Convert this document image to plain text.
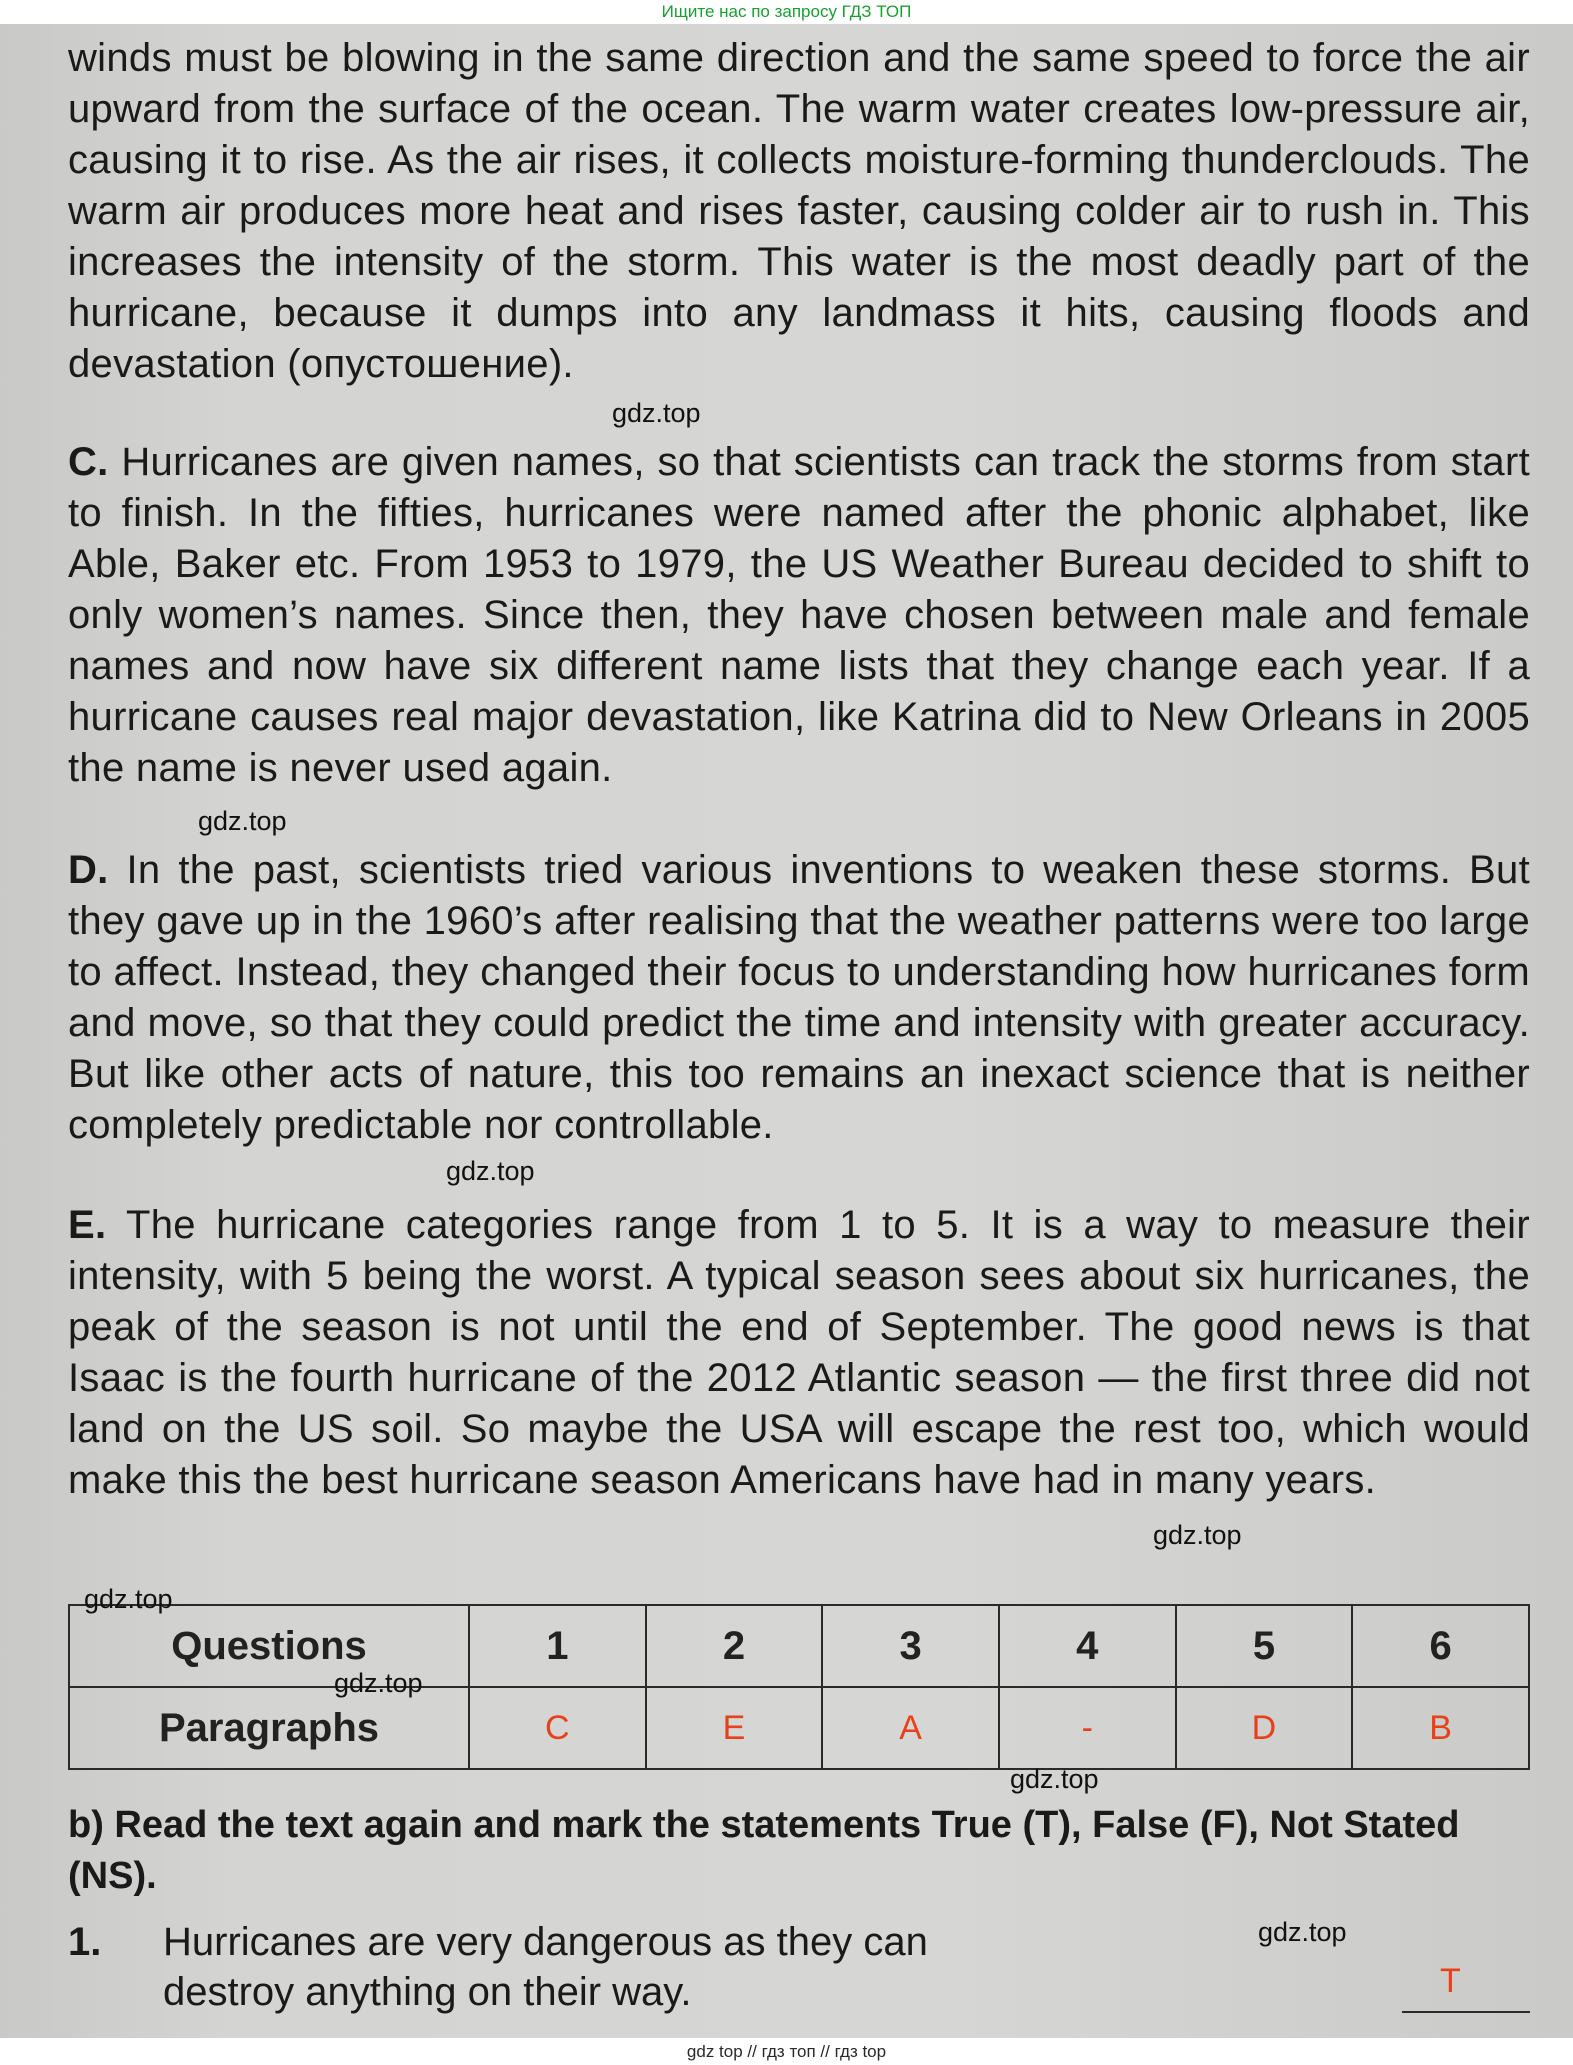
Ищите нас по запросу ГДЗ ТОП
winds must be blowing in the same direction and the same speed to force the air upward from the surface of the ocean. The warm water creates low-pressure air, causing it to rise. As the air rises, it collects moisture-forming thunderclouds. The warm air produces more heat and rises faster, causing colder air to rush in. This increases the intensity of the storm. This water is the most deadly part of the hurricane, because it dumps into any landmass it hits, causing floods and devastation (опустошение).
C. Hurricanes are given names, so that scientists can track the storms from start to finish. In the fifties, hurricanes were named after the phonic alphabet, like Able, Baker etc. From 1953 to 1979, the US Weather Bureau decided to shift to only women’s names. Since then, they have chosen between male and female names and now have six different name lists that they change each year. If a hurricane causes real major devastation, like Katrina did to New Orleans in 2005 the name is never used again.
D. In the past, scientists tried various inventions to weaken these storms. But they gave up in the 1960’s after realising that the weather patterns were too large to affect. Instead, they changed their focus to understanding how hurricanes form and move, so that they could predict the time and intensity with greater accuracy. But like other acts of nature, this too remains an inexact science that is neither completely predictable nor controllable.
E. The hurricane categories range from 1 to 5. It is a way to measure their intensity, with 5 being the worst. A typical season sees about six hurricanes, the peak of the season is not until the end of September. The good news is that Isaac is the fourth hurricane of the 2012 Atlantic season — the first three did not land on the US soil. So maybe the USA will escape the rest too, which would make this the best hurricane season Americans have had in many years.
Questions	1	2	3	4	5	6
Paragraphs	C	E	A	-	D	B
b) Read the text again and mark the statements True (T), False (F), Not Stated (NS).
1. Hurricanes are very dangerous as they can destroy anything on their way.	T
gdz.top
gdz.top
gdz.top
gdz.top
gdz.top
gdz.top
gdz.top
gdz.top
gdz top // гдз топ // гдз top
